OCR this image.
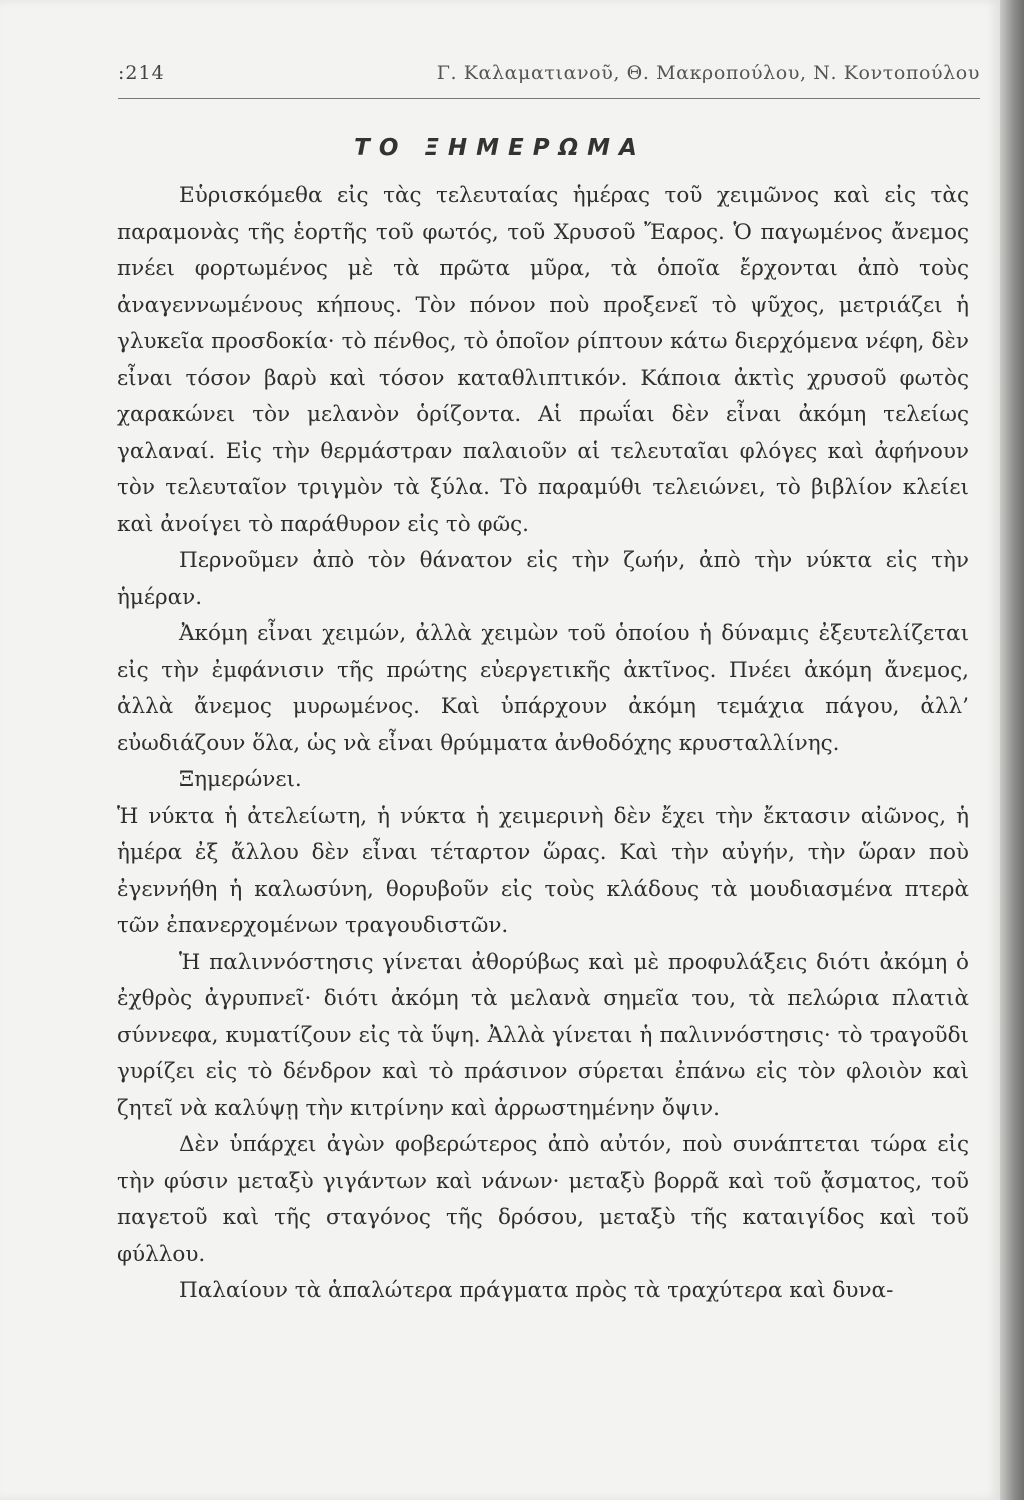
:214	Γ. Καλαματιανοῦ, Θ. Μακροπούλου, Ν. Κοντοπούλου
ΤΟ ΞΗΜΕΡΩΜΑ

Εὑρισκόμεθα εἰς τὰς τελευταίας ἡμέρας τοῦ χειμῶνος καὶ εἰς τὰς παραμονὰς τῆς ἑορτῆς τοῦ φωτός, τοῦ Χρυσοῦ Ἔαρος. Ὁ παγωμένος ἄνεμος πνέει φορτωμένος μὲ τὰ πρῶτα μῦρα, τὰ ὁποῖα ἔρχονται ἀπὸ τοὺς ἀναγεννωμένους κήπους. Τὸν πόνον ποὺ προξενεῖ τὸ ψῦχος, μετριάζει ἡ γλυκεῖα προσδοκία· τὸ πένθος, τὸ ὁποῖον ρίπτουν κάτω διερχόμενα νέφη, δὲν εἶναι τόσον βαρὺ καὶ τόσον καταθλιπτικόν. Κάποια ἀκτὶς χρυσοῦ φωτὸς χαρακώνει τὸν μελανὸν ὁρίζοντα. Αἱ πρωΐαι δὲν εἶναι ἀκόμη τελείως γαλαναί. Εἰς τὴν θερμάστραν παλαιοῦν αἱ τελευταῖαι φλόγες καὶ ἀφήνουν τὸν τελευταῖον τριγμὸν τὰ ξύλα. Τὸ παραμύθι τελειώνει, τὸ βιβλίον κλείει καὶ ἀνοίγει τὸ παράθυρον εἰς τὸ φῶς.

Περνοῦμεν ἀπὸ τὸν θάνατον εἰς τὴν ζωήν, ἀπὸ τὴν νύκτα εἰς τὴν ἡμέραν.

Ἀκόμη εἶναι χειμών, ἀλλὰ χειμὼν τοῦ ὁποίου ἡ δύναμις ἐξευτελίζεται εἰς τὴν ἐμφάνισιν τῆς πρώτης εὐεργετικῆς ἀκτῖνος. Πνέει ἀκόμη ἄνεμος, ἀλλὰ ἄνεμος μυρωμένος. Καὶ ὑπάρχουν ἀκόμη τεμάχια πάγου, ἀλλ’ εὐωδιάζουν ὅλα, ὡς νὰ εἶναι θρύμματα ἀνθοδόχης κρυσταλλίνης.

Ξημερώνει.

Ἡ νύκτα ἡ ἀτελείωτη, ἡ νύκτα ἡ χειμερινὴ δὲν ἔχει τὴν ἔκτασιν αἰῶνος, ἡ ἡμέρα ἐξ ἄλλου δὲν εἶναι τέταρτον ὥρας. Καὶ τὴν αὐγήν, τὴν ὥραν ποὺ ἐγεννήθη ἡ καλωσύνη, θορυβοῦν εἰς τοὺς κλάδους τὰ μουδιασμένα πτερὰ τῶν ἐπανερχομένων τραγουδιστῶν.

Ἡ παλιννόστησις γίνεται ἀθορύβως καὶ μὲ προφυλάξεις διότι ἀκόμη ὁ ἐχθρὸς ἀγρυπνεῖ· διότι ἀκόμη τὰ μελανὰ σημεῖα του, τὰ πελώρια πλατιὰ σύννεφα, κυματίζουν εἰς τὰ ὕψη. Ἀλλὰ γίνεται ἡ παλιννόστησις· τὸ τραγοῦδι γυρίζει εἰς τὸ δένδρον καὶ τὸ πράσινον σύρεται ἐπάνω εἰς τὸν φλοιὸν καὶ ζητεῖ νὰ καλύψῃ τὴν κιτρίνην καὶ ἀρρωστημένην ὄψιν.

Δὲν ὑπάρχει ἀγὼν φοβερώτερος ἀπὸ αὐτόν, ποὺ συνάπτεται τώρα εἰς τὴν φύσιν μεταξὺ γιγάντων καὶ νάνων· μεταξὺ βορρᾶ καὶ τοῦ ᾄσματος, τοῦ παγετοῦ καὶ τῆς σταγόνος τῆς δρόσου, μεταξὺ τῆς καταιγίδος καὶ τοῦ φύλλου.

Παλαίουν τὰ ἁπαλώτερα πράγματα πρὸς τὰ τραχύτερα καὶ δυνα-
